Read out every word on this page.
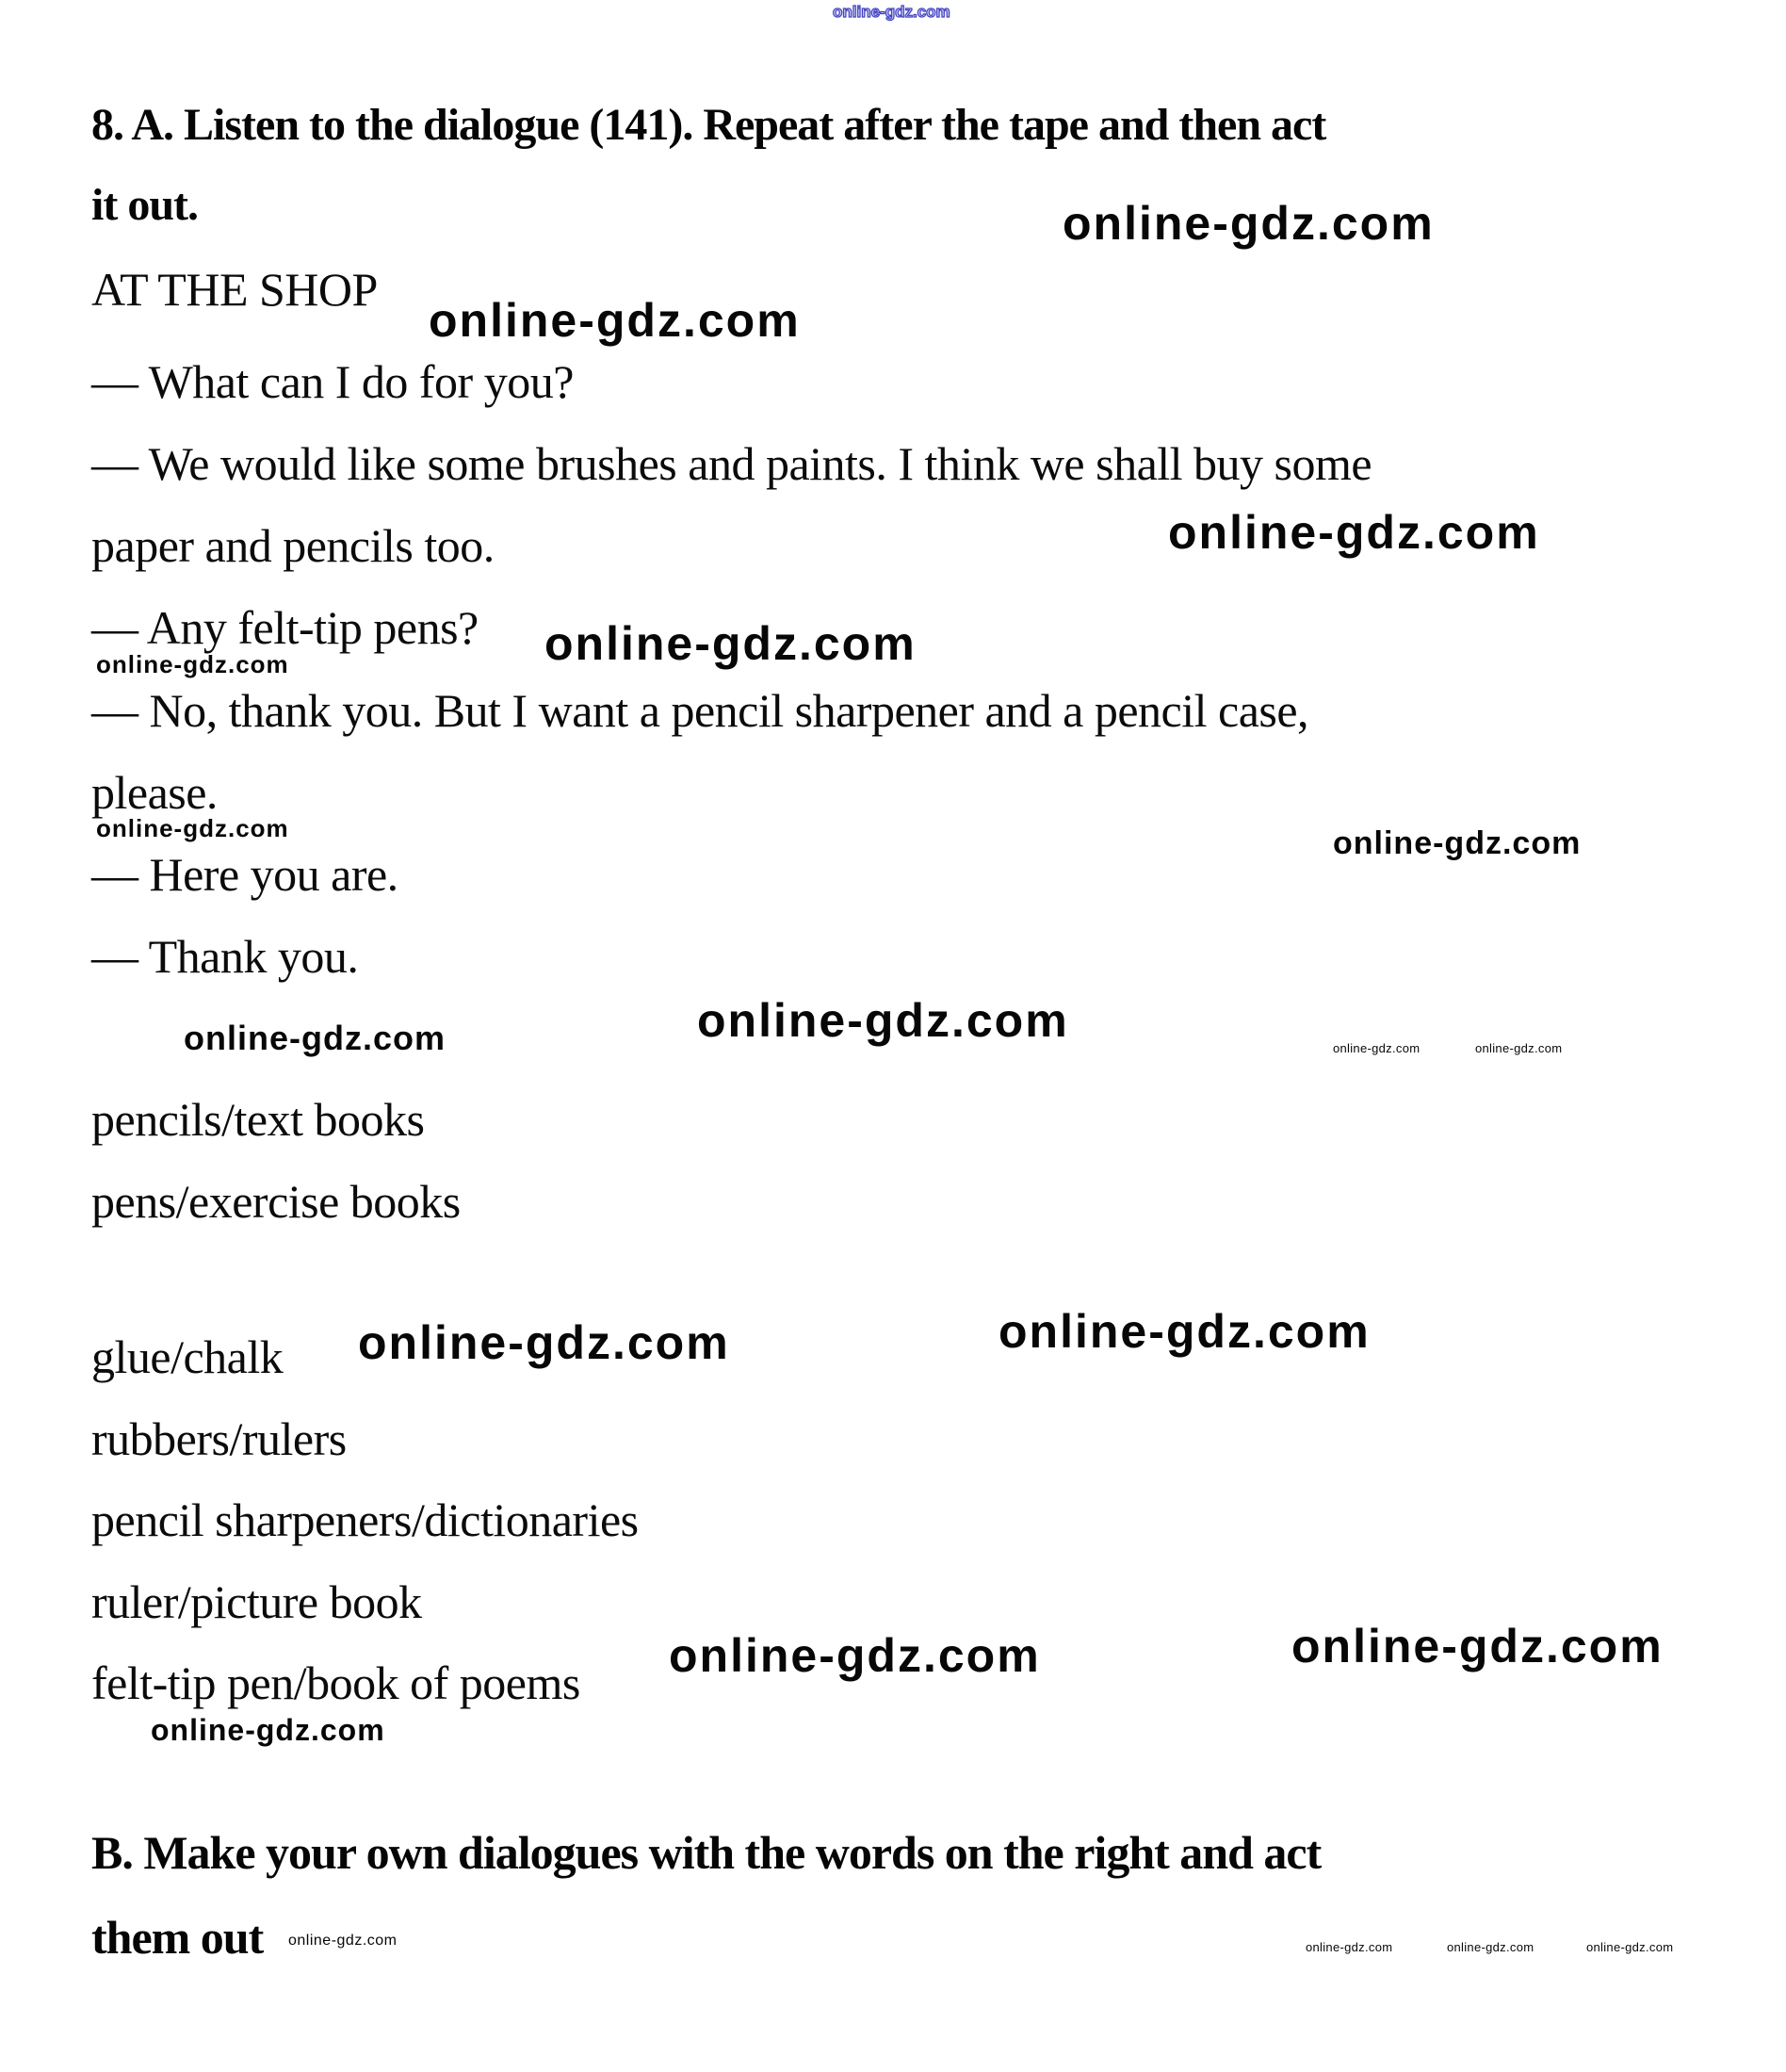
online-gdz.com
online-gdz.com
online-gdz.com
online-gdz.com
online-gdz.com
online-gdz.com
online-gdz.com	online-gdz.com
online-gdz.com
online-gdz.com	online-gdz.com	online-gdz.com
online-gdz.com	online-gdz.com
online-gdz.com	online-gdz.com
online-gdz.com
online-gdz.com	online-gdz.com	online-gdz.com	online-gdz.com
8. A. Listen to the dialogue (141). Repeat after the tape and then act
it out.
AT THE SHOP
— What can I do for you?
— We would like some brushes and paints. I think we shall buy some
paper and pencils too.
— Any felt-tip pens?
— No, thank you. But I want a pencil sharpener and a pencil case,
please.
— Here you are.
— Thank you.
pencils/text books
pens/exercise books
glue/chalk
rubbers/rulers
pencil sharpeners/dictionaries
ruler/picture book
felt-tip pen/book of poems
B. Make your own dialogues with the words on the right and act
them out
